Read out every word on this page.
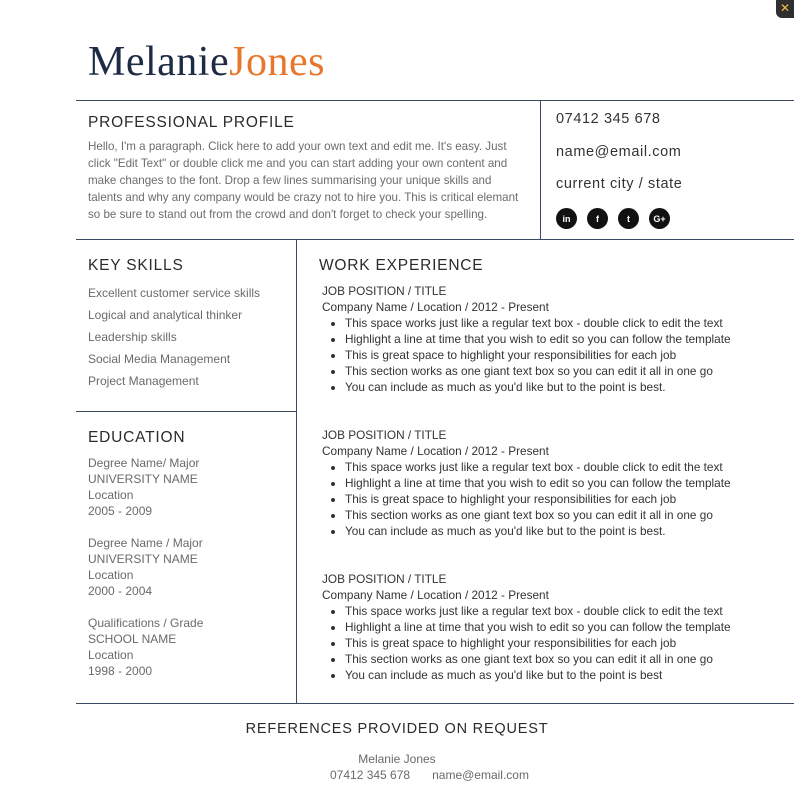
✕
MelanieJones
PROFESSIONAL PROFILE
Hello, I'm a paragraph. Click here to add your own text and edit me. It's easy. Just click "Edit Text" or double click me and you can start adding your own content and make changes to the font. Drop a few lines summarising your unique skills and talents and why any company would be crazy not to hire you. This is critical elemant so be sure to stand out from the crowd and don't forget to check your spelling.
07412 345 678
name@email.com
current city / state
in	f	t	G+
KEY SKILLS
Excellent customer service skills
Logical and analytical thinker
Leadership skills
Social Media Management
Project Management
EDUCATION
Degree Name/ Major
UNIVERSITY NAME
Location
2005 - 2009
Degree Name / Major
UNIVERSITY NAME
Location
2000 - 2004
Qualifications / Grade
SCHOOL NAME
Location
1998 - 2000
WORK EXPERIENCE
JOB POSITION / TITLE
Company Name / Location / 2012 - Present
• This space works just like a regular text box - double click to edit the text
• Highlight a line at time that you wish to edit so you can follow the template
• This is great space to highlight your responsibilities for each job
• This section works as one giant text box so you can edit it all in one go
• You can include as much as you'd like but to the point is best.
JOB POSITION / TITLE
Company Name / Location / 2012 - Present
• This space works just like a regular text box - double click to edit the text
• Highlight a line at time that you wish to edit so you can follow the template
• This is great space to highlight your responsibilities for each job
• This section works as one giant text box so you can edit it all in one go
• You can include as much as you'd like but to the point is best.
JOB POSITION / TITLE
Company Name / Location / 2012 - Present
• This space works just like a regular text box - double click to edit the text
• Highlight a line at time that you wish to edit so you can follow the template
• This is great space to highlight your responsibilities for each job
• This section works as one giant text box so you can edit it all in one go
• You can include as much as you'd like but to the point is best
REFERENCES PROVIDED ON REQUEST
Melanie Jones
07412 345 678 name@email.com
